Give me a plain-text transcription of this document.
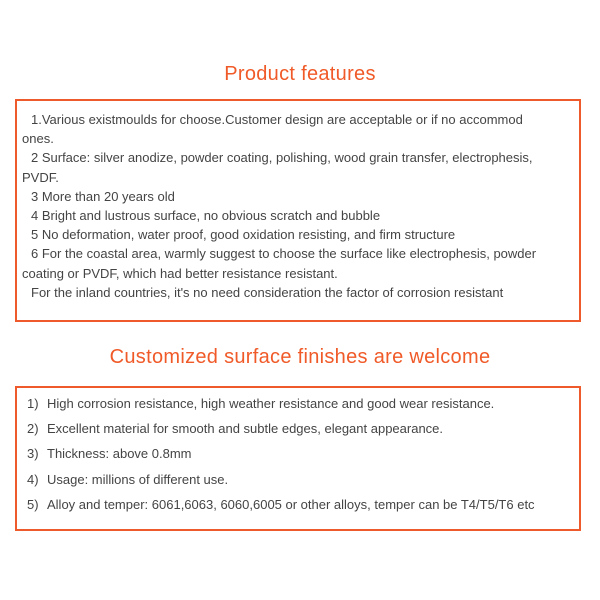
Product features
1.Various existmoulds for choose.Customer design are acceptable or if no accommod
ones.
2 Surface: silver anodize, powder coating, polishing, wood grain transfer, electrophesis,
PVDF.
3 More than 20 years old
4 Bright and lustrous surface, no obvious scratch and bubble
5 No deformation, water proof, good oxidation resisting, and firm structure
6 For the coastal area, warmly suggest to choose the surface like electrophesis, powder
coating or PVDF, which had better resistance resistant.
For the inland countries, it's no need consideration the factor of corrosion resistant
Customized surface finishes are welcome
1) High corrosion resistance, high weather resistance and good wear resistance.
2) Excellent material for smooth and subtle edges, elegant appearance.
3) Thickness: above 0.8mm
4) Usage: millions of different use.
5) Alloy and temper: 6061,6063, 6060,6005 or other alloys, temper can be T4/T5/T6 etc
